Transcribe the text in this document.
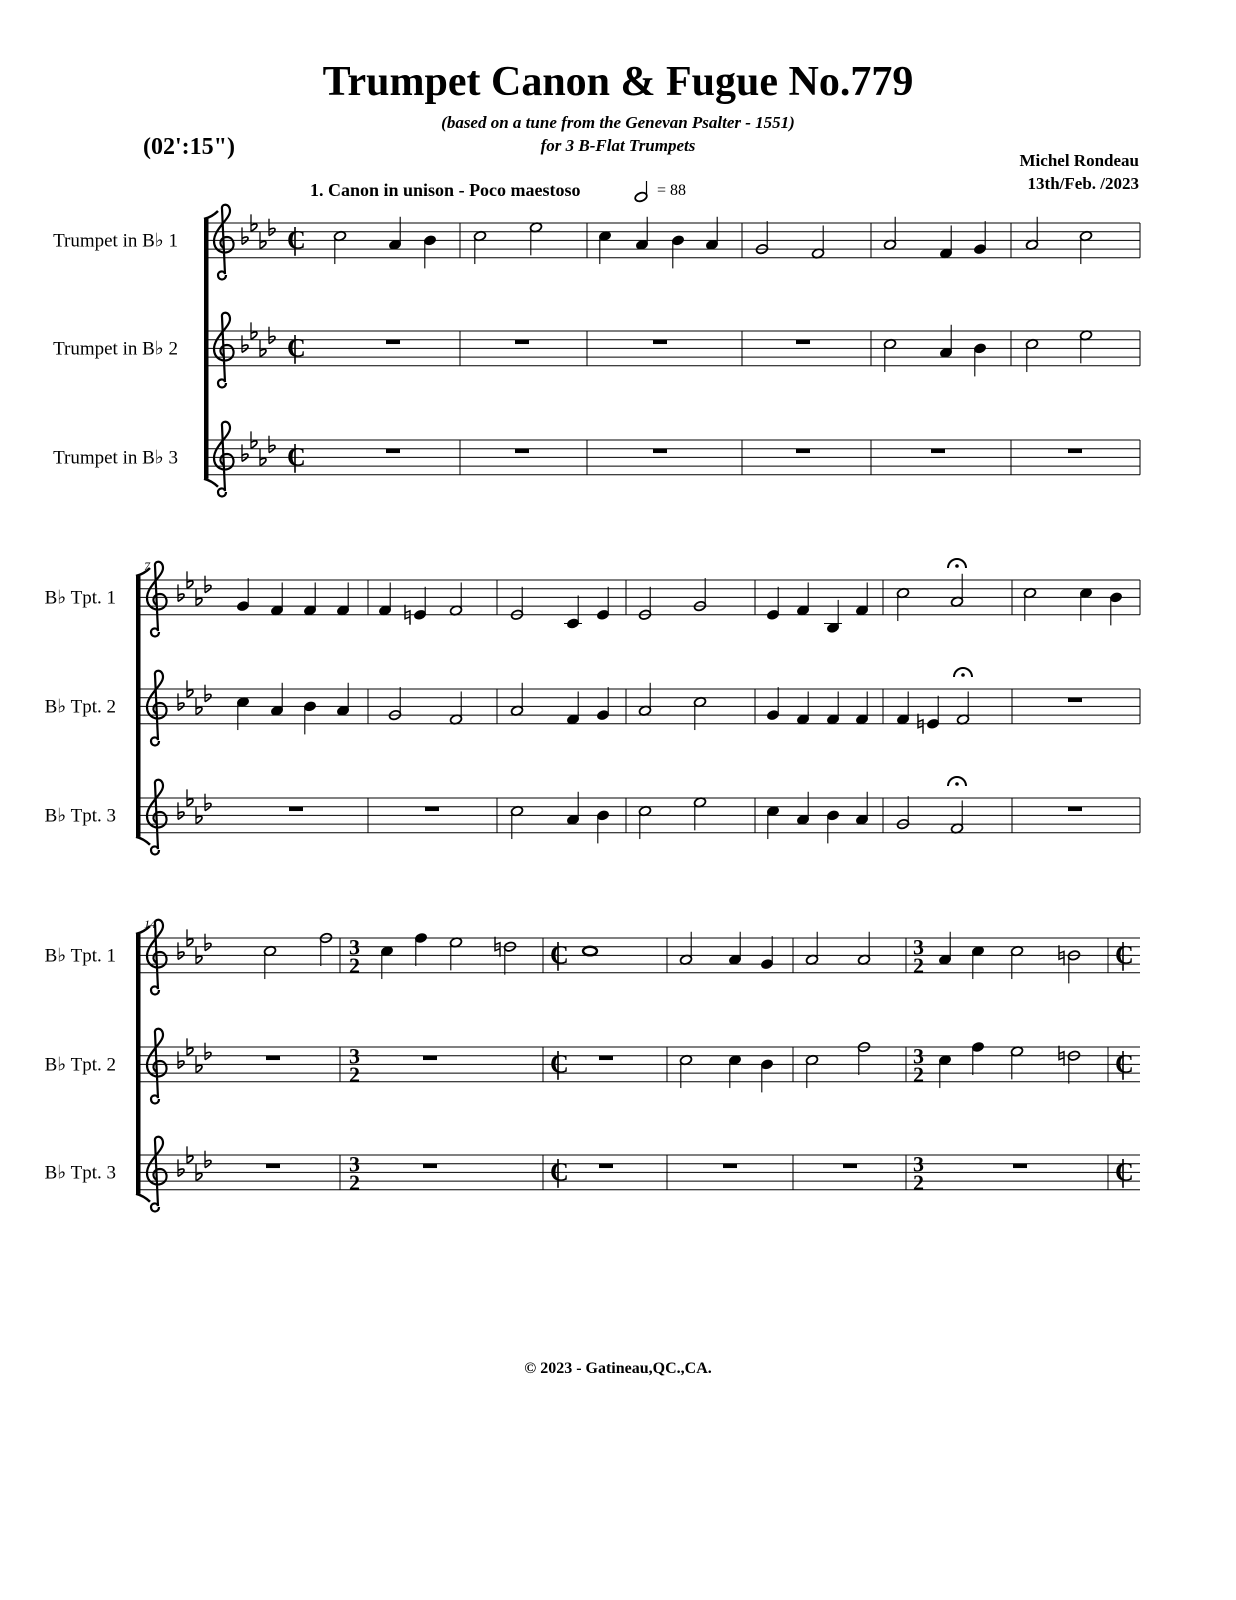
Trumpet Canon & Fugue No.779
(based on a tune from the Genevan Psalter - 1551)
for 3 B-Flat Trumpets
(02':15")
Michel Rondeau
13th/Feb. /2023
1. Canon in unison - Poco maestoso	= 88
C
Trumpet in B♭ 1
C
Trumpet in B♭ 2
C
Trumpet in B♭ 3
B♭ Tpt. 1
B♭ Tpt. 2
B♭ Tpt. 3
7
B♭ Tpt. 1
B♭ Tpt. 2
B♭ Tpt. 3
14
3
2	C	3
2	C
3
2	C	3
2	C
3
2	C	3
2	C
© 2023 - Gatineau,QC.,CA.
